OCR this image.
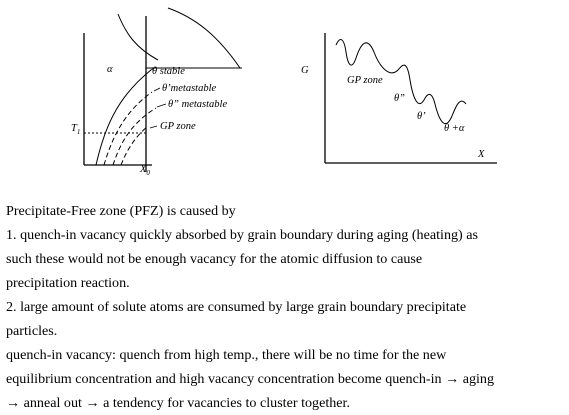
α	θ stable
θ’metastable
θ” metastable
GP zone
$T_1$
$X_0$
G
X
GP zone
θ”
θ’
θ +α

Precipitate-Free zone (PFZ) is caused by

1. quench-in vacancy quickly absorbed by grain boundary during aging (heating) as

such these would not be enough vacancy for the atomic diffusion to cause

precipitation reaction.

2. large amount of solute atoms are consumed by large grain boundary precipitate

particles.

quench-in vacancy: quench from high temp., there will be no time for the new

equilibrium concentration and high vacancy concentration become quench-in → aging

→ anneal out → a tendency for vacancies to cluster together.
